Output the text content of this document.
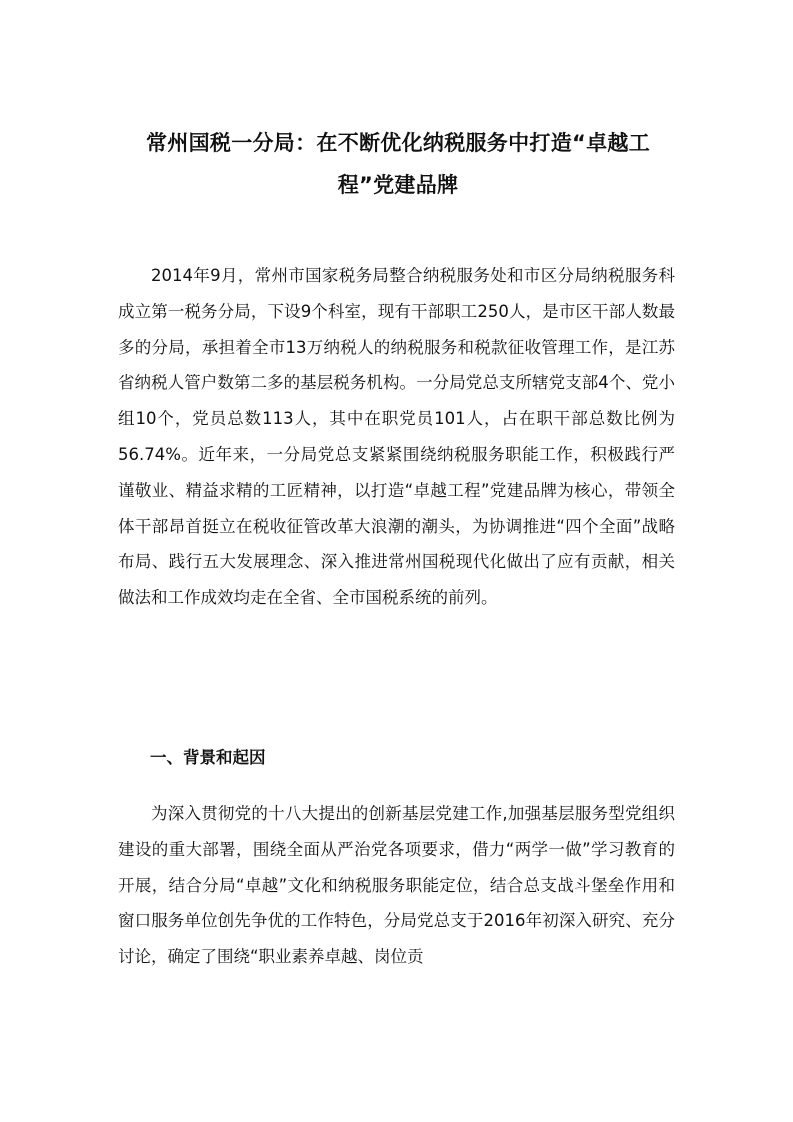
常州国税一分局：在不断优化纳税服务中打造“卓越工程”党建品牌

2014年9月，常州市国家税务局整合纳税服务处和市区分局纳税服务科成立第一税务分局，下设9个科室，现有干部职工250人，是市区干部人数最多的分局，承担着全市13万纳税人的纳税服务和税款征收管理工作，是江苏省纳税人管户数第二多的基层税务机构。一分局党总支所辖党支部4个、党小组10个，党员总数113人，其中在职党员101人，占在职干部总数比例为56.74%。近年来，一分局党总支紧紧围绕纳税服务职能工作，积极践行严谨敬业、精益求精的工匠精神，以打造“卓越工程”党建品牌为核心，带领全体干部昂首挺立在税收征管改革大浪潮的潮头，为协调推进“四个全面”战略布局、践行五大发展理念、深入推进常州国税现代化做出了应有贡献，相关做法和工作成效均走在全省、全市国税系统的前列。

一、背景和起因

为深入贯彻党的十八大提出的创新基层党建工作,加强基层服务型党组织建设的重大部署，围绕全面从严治党各项要求，借力“两学一做”学习教育的开展，结合分局“卓越”文化和纳税服务职能定位，结合总支战斗堡垒作用和窗口服务单位创先争优的工作特色，分局党总支于2016年初深入研究、充分讨论，确定了围绕“职业素养卓越、岗位贡
